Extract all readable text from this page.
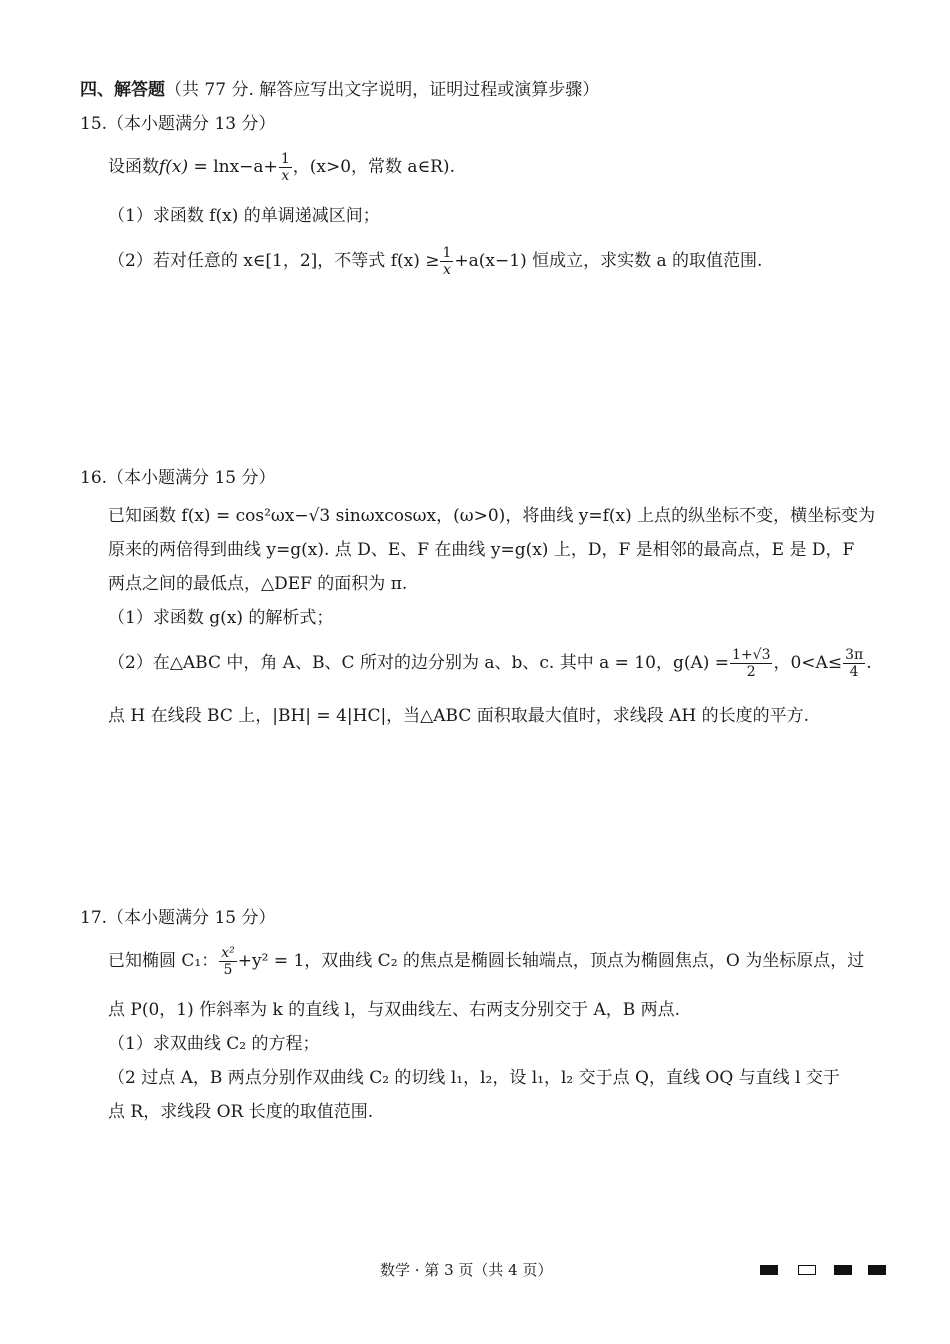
四、解答题（共 77 分. 解答应写出文字说明，证明过程或演算步骤）
15.（本小题满分 13 分）
设函数$f(x) = \ln x-a+ \frac{1}{x}$ ，(x>0，常数 a∈R).
（1）求函数 f(x) 的单调递减区间；
（2）若对任意的 x∈[1，2]，不等式 $f(x) \ge \frac{1}{x} +a(x-1)$ 恒成立，求实数 a 的取值范围.
16.（本小题满分 15 分）
已知函数 f(x) = cos²ωx−√3 sinωxcosωx，(ω>0)，将曲线 y=f(x) 上点的纵坐标不变，横坐标变为
原来的两倍得到曲线 y=g(x). 点 D、E、F 在曲线 y=g(x) 上，D，F 是相邻的最高点，E 是 D，F
两点之间的最低点，△DEF 的面积为 π.
（1）求函数 g(x) 的解析式；
（2）在△ABC 中，角 A、B、C 所对的边分别为 a、b、c. 其中 a = 10，$g(A) = \frac{1+√3}{2}$ ，$0<A\le \frac{3\pi}{4}$ .
点 H 在线段 BC 上，|BH| = 4|HC|，当△ABC 面积取最大值时，求线段 AH 的长度的平方.
17.（本小题满分 15 分）
已知椭圆 C₁： $\frac{\text{x²}}{5} +y^2 = 1$，双曲线 C₂ 的焦点是椭圆长轴端点，顶点为椭圆焦点，O 为坐标原点，过
点 P(0，1) 作斜率为 k 的直线 l，与双曲线左、右两支分别交于 A，B 两点.
（1）求双曲线 C₂ 的方程；
（2 过点 A，B 两点分别作双曲线 C₂ 的切线 l₁，l₂，设 l₁，l₂ 交于点 Q，直线 OQ 与直线 l 交于
点 R，求线段 OR 长度的取值范围.
数学 · 第 3 页（共 4 页）
